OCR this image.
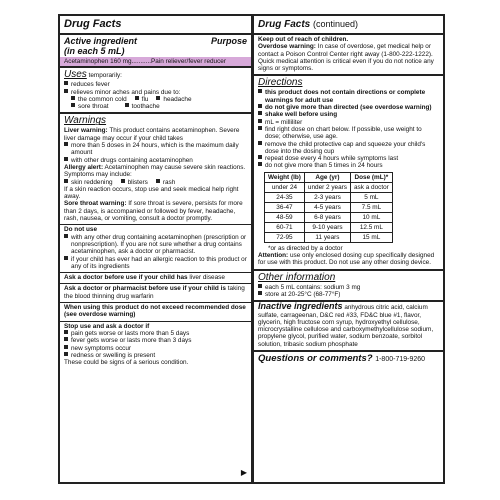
Drug Facts
Active ingredient
(in each 5 mL)
Purpose
Acetaminophen 160 mg...........Pain reliever/fever reducer
Uses temporarily:
reduces fever
relieves minor aches and pains due to:
the common cold	flu	headache
sore throat	toothache
Warnings
Liver warning: This product contains acetaminophen. Severe liver damage may occur if your child takes
more than 5 doses in 24 hours, which is the maximum daily amount
with other drugs containing acetaminophen
Allergy alert: Acetaminophen may cause severe skin reactions. Symptoms may include:
skin reddening	blisters	rash
If a skin reaction occurs, stop use and seek medical help right away.
Sore throat warning: If sore throat is severe, persists for more than 2 days, is accompanied or followed by fever, headache, rash, nausea, or vomiting, consult a doctor promptly.
Do not use
with any other drug containing acetaminophen (prescription or nonprescription). If you are not sure whether a drug contains acetaminophen, ask a doctor or pharmacist.
if your child has ever had an allergic reaction to this product or any of its ingredients
Ask a doctor before use if your child has liver disease
Ask a doctor or pharmacist before use if your child is taking the blood thinning drug warfarin
When using this product do not exceed recommended dose (see overdose warning)
Stop use and ask a doctor if
pain gets worse or lasts more than 5 days
fever gets worse or lasts more than 3 days
new symptoms occur
redness or swelling is present
These could be signs of a serious condition.
▶
Drug Facts (continued)
Keep out of reach of children.
Overdose warning: In case of overdose, get medical help or contact a Poison Control Center right away (1-800-222-1222). Quick medical attention is critical even if you do not notice any signs or symptoms.
Directions
this product does not contain directions or complete warnings for adult use
do not give more than directed (see overdose warning)
shake well before using
mL = milliliter
find right dose on chart below. If possible, use weight to dose; otherwise, use age.
remove the child protective cap and squeeze your child's dose into the dosing cup
repeat dose every 4 hours while symptoms last
do not give more than 5 times in 24 hours
Weight (lb)	Age (yr)	Dose (mL)*
under 24	under 2 years	ask a doctor
24-35	2-3 years	5 mL
36-47	4-5 years	7.5 mL
48-59	6-8 years	10 mL
60-71	9-10 years	12.5 mL
72-95	11 years	15 mL
*or as directed by a doctor
Attention: use only enclosed dosing cup specifically designed for use with this product. Do not use any other dosing device.
Other information
each 5 mL contains: sodium 3 mg
store at 20-25°C (68-77°F)
Inactive ingredients anhydrous citric acid, calcium sulfate, carrageenan, D&C red #33, FD&C blue #1, flavor, glycerin, high fructose corn syrup, hydroxyethyl cellulose, microcrystalline cellulose and carboxymethylcellulose sodium, propylene glycol, purified water, sodium benzoate, sorbitol solution, tribasic sodium phosphate
Questions or comments? 1-800-719-9260
